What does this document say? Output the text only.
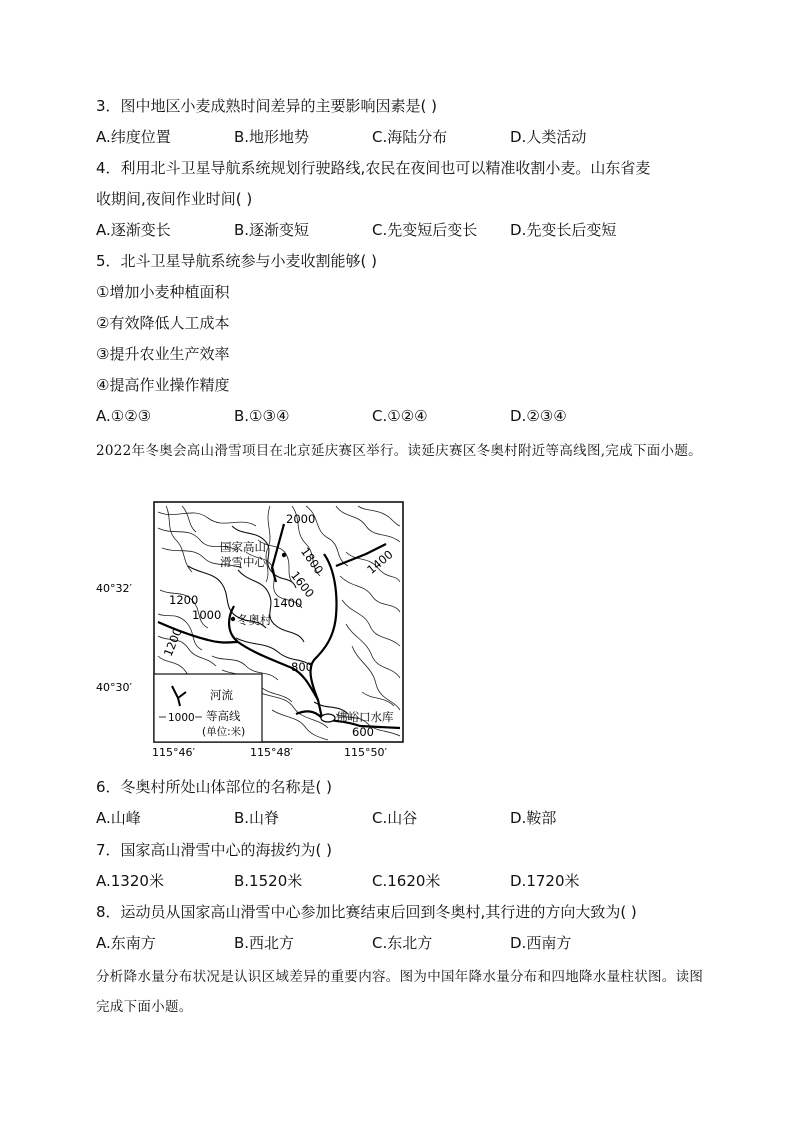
3．图中地区小麦成熟时间差异的主要影响因素是( )
A.纬度位置	B.地形地势	C.海陆分布	D.人类活动
4．利用北斗卫星导航系统规划行驶路线,农民在夜间也可以精准收割小麦。山东省麦
收期间,夜间作业时间( )
A.逐渐变长	B.逐渐变短	C.先变短后变长 D.先变长后变短
5．北斗卫星导航系统参与小麦收割能够( )
①增加小麦种植面积
②有效降低人工成本
③提升农业生产效率
④提高作业操作精度
A.①②③	B.①③④	C.①②④	D.②③④
2022年冬奥会高山滑雪项目在北京延庆赛区举行。读延庆赛区冬奥村附近等高线图,完成下面小题。
国家高山
滑雪中心
冬奥村
佛峪口水库
2000
1800
1600
1400
1400
1200
1000
1200
800
600
40°32′
40°30′
115°46′	115°48′	115°50′
河流
1000 等高线
(单位:米)
6．冬奥村所处山体部位的名称是( )
A.山峰	B.山脊	C.山谷	D.鞍部
7．国家高山滑雪中心的海拔约为( )
A.1320米	B.1520米	C.1620米	D.1720米
8．运动员从国家高山滑雪中心参加比赛结束后回到冬奥村,其行进的方向大致为( )
A.东南方	B.西北方	C.东北方	D.西南方
分析降水量分布状况是认识区域差异的重要内容。图为中国年降水量分布和四地降水量柱状图。读图完成下面小题。
